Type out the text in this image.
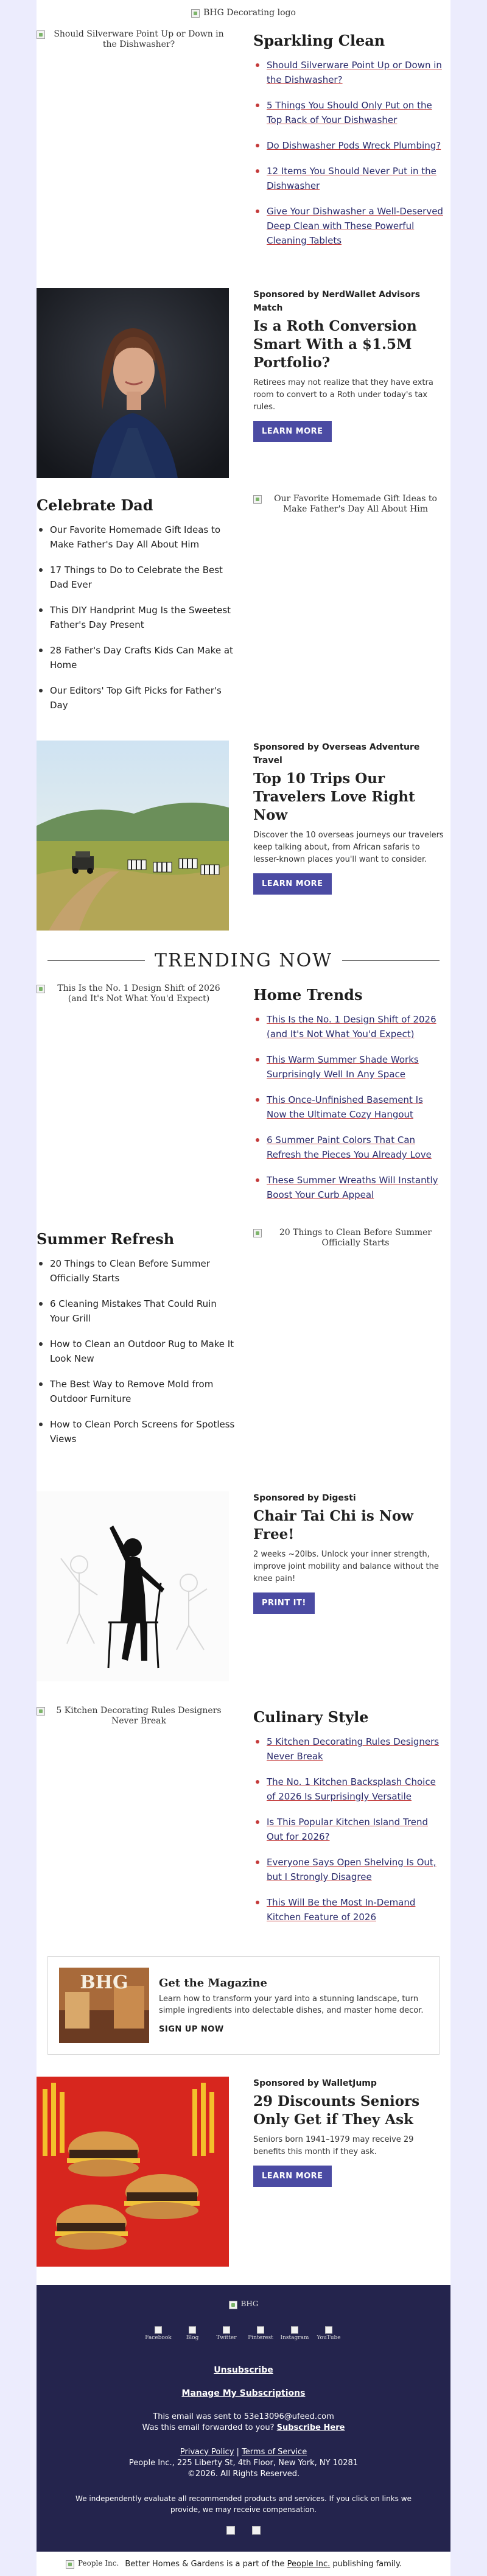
BHG Decorating logo
Should Silverware Point Up or Down in the Dishwasher?	Sparkling Clean
Should Silverware Point Up or Down in the Dishwasher?
5 Things You Should Only Put on the Top Rack of Your Dishwasher
Do Dishwasher Pods Wreck Plumbing?
12 Items You Should Never Put in the Dishwasher
Give Your Dishwasher a Well-Deserved Deep Clean with These Powerful Cleaning Tablets
Sponsored by NerdWallet Advisors Match
Is a Roth Conversion Smart With a $1.5M Portfolio?
Retirees may not realize that they have extra room to convert to a Roth under today's tax rules.
LEARN MORE
Celebrate Dad
Our Favorite Homemade Gift Ideas to Make Father's Day All About Him
17 Things to Do to Celebrate the Best Dad Ever
This DIY Handprint Mug Is the Sweetest Father's Day Present
28 Father's Day Crafts Kids Can Make at Home
Our Editors' Top Gift Picks for Father's Day
Our Favorite Homemade Gift Ideas to Make Father's Day All About Him
Sponsored by Overseas Adventure Travel
Top 10 Trips Our Travelers Love Right Now
Discover the 10 overseas journeys our travelers keep talking about, from African safaris to lesser-known places you'll want to consider.
LEARN MORE
TRENDING NOW
This Is the No. 1 Design Shift of 2026 (and It's Not What You'd Expect)	Home Trends
This Is the No. 1 Design Shift of 2026 (and It's Not What You'd Expect)
This Warm Summer Shade Works Surprisingly Well In Any Space
This Once-Unfinished Basement Is Now the Ultimate Cozy Hangout
6 Summer Paint Colors That Can Refresh the Pieces You Already Love
These Summer Wreaths Will Instantly Boost Your Curb Appeal
Summer Refresh
20 Things to Clean Before Summer Officially Starts
6 Cleaning Mistakes That Could Ruin Your Grill
How to Clean an Outdoor Rug to Make It Look New
The Best Way to Remove Mold from Outdoor Furniture
How to Clean Porch Screens for Spotless Views
20 Things to Clean Before Summer Officially Starts
Sponsored by Digesti
Chair Tai Chi is Now Free!
2 weeks ~20lbs. Unlock your inner strength, improve joint mobility and balance without the knee pain!
PRINT IT!
5 Kitchen Decorating Rules Designers Never Break	Culinary Style
5 Kitchen Decorating Rules Designers Never Break
The No. 1 Kitchen Backsplash Choice of 2026 Is Surprisingly Versatile
Is This Popular Kitchen Island Trend Out for 2026?
Everyone Says Open Shelving Is Out, but I Strongly Disagree
This Will Be the Most In-Demand Kitchen Feature of 2026
BHG	Get the Magazine

Learn how to transform your yard into a stunning landscape, turn simple ingredients into delectable dishes, and master home decor.

SIGN UP NOW
Sponsored by WalletJump
29 Discounts Seniors Only Get if They Ask
Seniors born 1941–1979 may receive 29 benefits this month if they ask.
LEARN MORE
BHG
Facebook	Blog	Twitter Pinterest Instagram YouTube
Unsubscribe
Manage My Subscriptions
This email was sent to 53e13096@ufeed.com
Was this email forwarded to you? Subscribe Here
Privacy Policy | Terms of Service
People Inc., 225 Liberty St, 4th Floor, New York, NY 10281
©2026. All Rights Reserved.
We independently evaluate all recommended products and services. If you click on links we provide, we may receive compensation.
People Inc. Better Homes & Gardens is a part of the People Inc. publishing family.
